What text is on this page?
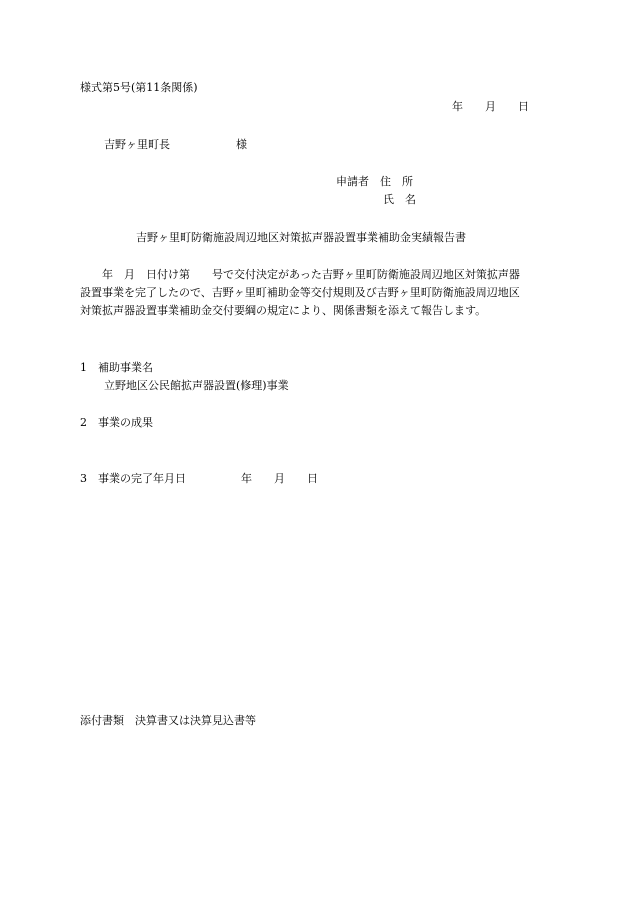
様式第5号(第11条関係)
年　　月　　日
吉野ヶ里町長　　　　　　様
申請者　住　所
氏　名
吉野ヶ里町防衛施設周辺地区対策拡声器設置事業補助金実績報告書
　　年　月　日付け第　　号で交付決定があった吉野ヶ里町防衛施設周辺地区対策拡声器
設置事業を完了したので、吉野ヶ里町補助金等交付規則及び吉野ヶ里町防衛施設周辺地区
対策拡声器設置事業補助金交付要綱の規定により、関係書類を添えて報告します。
1　補助事業名
立野地区公民館拡声器設置(修理)事業
2　事業の成果
3　事業の完了年月日　　　　　年　　月　　日
添付書類　決算書又は決算見込書等
